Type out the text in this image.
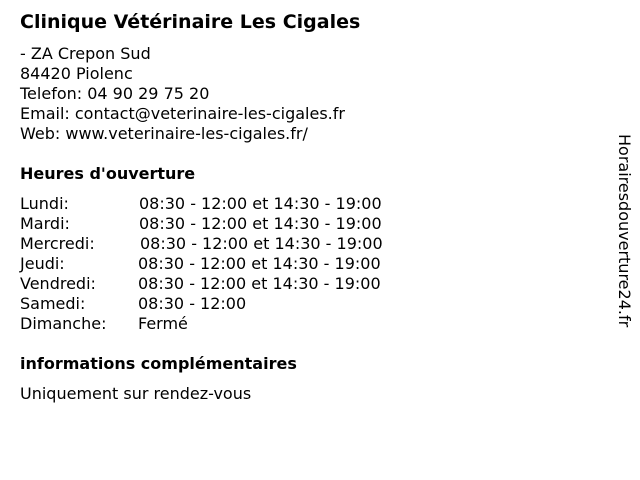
Clinique Vétérinaire Les Cigales
- ZA Crepon Sud
84420 Piolenc
Telefon: 04 90 29 75 20
Email: contact@veterinaire-les-cigales.fr
Web: www.veterinaire-les-cigales.fr/
Heures d'ouverture
Lundi:	08:30 - 12:00 et 14:30 - 19:00
Mardi:	08:30 - 12:00 et 14:30 - 19:00
Mercredi:	08:30 - 12:00 et 14:30 - 19:00
Jeudi:	08:30 - 12:00 et 14:30 - 19:00
Vendredi:	08:30 - 12:00 et 14:30 - 19:00
Samedi:	08:30 - 12:00
Dimanche: Fermé
informations complémentaires
Uniquement sur rendez-vous
Horairesdouverture24.fr
